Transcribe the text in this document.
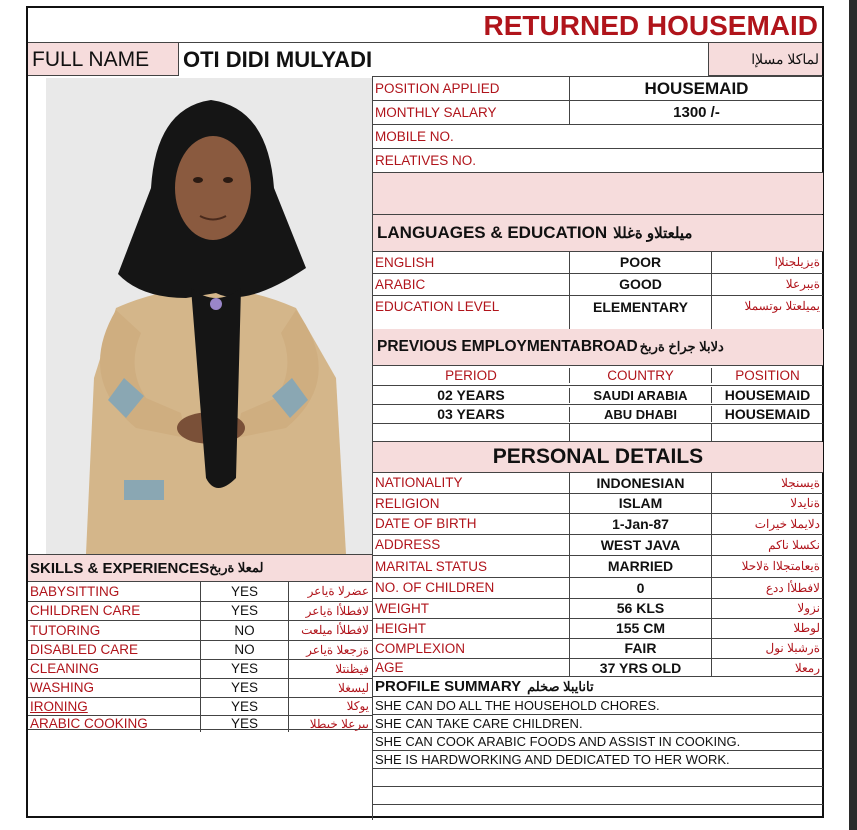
RETURNED HOUSEMAID
FULL NAME OTI DIDI MULYADI	لماكلا مسلإا
POSITION APPLIED	HOUSEMAID
MONTHLY SALARY	1300 /-
MOBILE NO.
RELATIVES NO.
LANGUAGES & EDUCATION ميلعتلاو ةغللا
ENGLISH	POOR	ةيزيلجنلإا
ARABIC	GOOD	ةيبرعلا
EDUCATION LEVEL	ELEMENTARY	يميلعتلا ىوتسملا
PREVIOUS EMPLOYMENTABROAD دلابلا جراخ ةربخ
PERIOD	COUNTRY	POSITION
02 YEARS	SAUDI ARABIA	HOUSEMAID
03 YEARS	ABU DHABI	HOUSEMAID
PERSONAL DETAILS
NATIONALITY	INDONESIAN	ةيسنجلا
RELIGION	ISLAM	ةنايدلا
DATE OF BIRTH	1-Jan-87	دلايملا خيرات
ADDRESS	WEST JAVA	نكسلا ناكم
MARITAL STATUS	MARRIED	ةيعامتجلاا ةلاحلا
NO. OF CHILDREN	0	لافطلأا ددع
WEIGHT	56 KLS	نزولا
HEIGHT	155 CM	لوطلا
COMPLEXION	FAIR	ةرشبلا نول
AGE	37 YRS OLD	رمعلا
SKILLS & EXPERIENCES لمعلا ةربخ
BABYSITTING	YES	عضرلا ةياعر
CHILDREN CARE	YES	لافطلأا ةياعر
TUTORING	NO	لافطلأا ميلعت
DISABLED CARE	NO	ةزجعلا ةياعر
CLEANING	YES	فيظنتلا
WASHING	YES	ليسغلا
IRONING	YES	يوكلا
ARABIC COOKING	YES	يبرعلا خبطلا
PROFILE SUMMARY تانايبلا صخلم
SHE CAN DO ALL THE HOUSEHOLD CHORES.
SHE CAN TAKE CARE CHILDREN.
SHE CAN COOK ARABIC FOODS AND ASSIST IN COOKING.
SHE IS HARDWORKING AND DEDICATED TO HER WORK.
